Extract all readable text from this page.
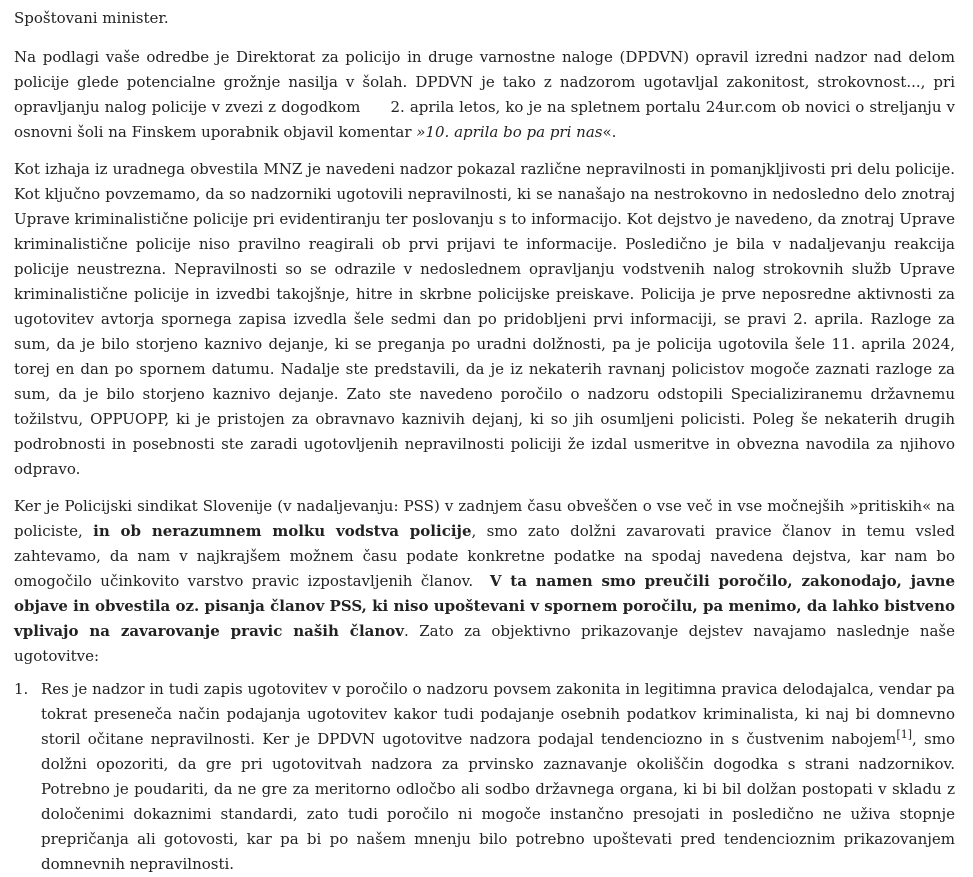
Spoštovani minister.

Na podlagi vaše odredbe je Direktorat za policijo in druge varnostne naloge (DPDVN) opravil izredni nadzor nad delom policije glede potencialne grožnje nasilja v šolah. DPDVN je tako z nadzorom ugotavljal zakonitost, strokovnost..., pri opravljanju nalog policije v zvezi z dogodkom      2. aprila letos, ko je na spletnem portalu 24ur.com ob novici o streljanju v osnovni šoli na Finskem uporabnik objavil komentar »10. aprila bo pa pri nas«.

Kot izhaja iz uradnega obvestila MNZ je navedeni nadzor pokazal različne nepravilnosti in pomanjkljivosti pri delu policije. Kot ključno povzemamo, da so nadzorniki ugotovili nepravilnosti, ki se nanašajo na nestrokovno in nedosledno delo znotraj Uprave kriminalistične policije pri evidentiranju ter poslovanju s to informacijo. Kot dejstvo je navedeno, da znotraj Uprave kriminalistične policije niso pravilno reagirali ob prvi prijavi te informacije. Posledično je bila v nadaljevanju reakcija policije neustrezna. Nepravilnosti so se odrazile v nedoslednem opravljanju vodstvenih nalog strokovnih služb Uprave kriminalistične policije in izvedbi takojšnje, hitre in skrbne policijske preiskave. Policija je prve neposredne aktivnosti za ugotovitev avtorja spornega zapisa izvedla šele sedmi dan po pridobljeni prvi informaciji, se pravi 2. aprila. Razloge za sum, da je bilo storjeno kaznivo dejanje, ki se preganja po uradni dolžnosti, pa je policija ugotovila šele 11. aprila 2024, torej en dan po spornem datumu. Nadalje ste predstavili, da je iz nekaterih ravnanj policistov mogoče zaznati razloge za sum, da je bilo storjeno kaznivo dejanje. Zato ste navedeno poročilo o nadzoru odstopili Specializiranemu državnemu tožilstvu, OPPUOPP, ki je pristojen za obravnavo kaznivih dejanj, ki so jih osumljeni policisti. Poleg še nekaterih drugih podrobnosti in posebnosti ste zaradi ugotovljenih nepravilnosti policiji že izdal usmeritve in obvezna navodila za njihovo odpravo.

Ker je Policijski sindikat Slovenije (v nadaljevanju: PSS) v zadnjem času obveščen o vse več in vse močnejših »pritiskih« na policiste, in ob nerazumnem molku vodstva policije, smo zato dolžni zavarovati pravice članov in temu vsled  zahtevamo, da nam v najkrajšem možnem času podate konkretne podatke na spodaj navedena dejstva, kar nam bo omogočilo učinkovito varstvo pravic izpostavljenih članov.  V ta namen smo preučili poročilo, zakonodajo, javne objave in obvestila oz. pisanja članov PSS, ki niso upoštevani v spornem poročilu, pa menimo, da lahko bistveno vplivajo na zavarovanje pravic naših članov. Zato za objektivno prikazovanje dejstev navajamo naslednje naše ugotovitve:

1. Res je nadzor in tudi zapis ugotovitev v poročilo o nadzoru povsem zakonita in legitimna pravica delodajalca, vendar pa tokrat preseneča način podajanja ugotovitev kakor tudi podajanje osebnih podatkov kriminalista, ki naj bi domnevno storil očitane nepravilnosti. Ker je DPDVN ugotovitve nadzora podajal tendenciozno in s čustvenim nabojem[1], smo dolžni opozoriti, da gre pri ugotovitvah nadzora za prvinsko zaznavanje okoliščin dogodka s strani nadzornikov. Potrebno je poudariti, da ne gre za meritorno odločbo ali sodbo državnega organa, ki bi bil dolžan postopati v skladu z določenimi dokaznimi standardi, zato tudi poročilo ni mogoče instančno presojati in posledično ne uživa stopnje prepričanja ali gotovosti, kar pa bi po našem mnenju bilo potrebno upoštevati pred tendencioznim prikazovanjem domnevnih nepravilnosti.
